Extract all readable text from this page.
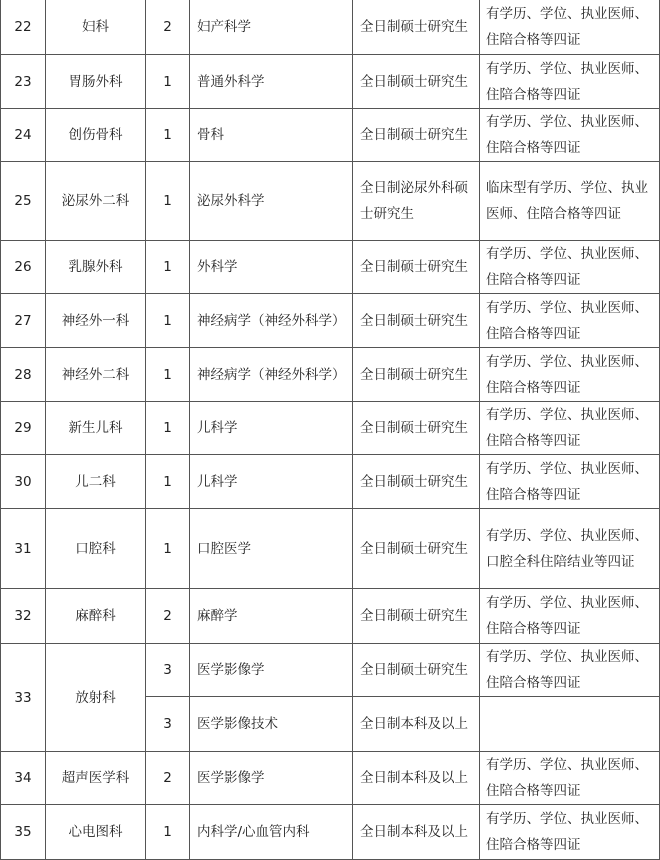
22	妇科	2	妇产科学	全日制硕士研究生	有学历、学位、执业医师、住陪合格等四证

23	胃肠外科	1	普通外科学	全日制硕士研究生	有学历、学位、执业医师、住陪合格等四证

24	创伤骨科	1	骨科	全日制硕士研究生	有学历、学位、执业医师、住陪合格等四证

25	泌尿外二科	1	泌尿外科学	全日制泌尿外科硕士研究生	临床型有学历、学位、执业医师、住陪合格等四证

26	乳腺外科	1	外科学	全日制硕士研究生	有学历、学位、执业医师、住陪合格等四证

27	神经外一科	1	神经病学（神经外科学）	全日制硕士研究生	有学历、学位、执业医师、住陪合格等四证

28	神经外二科	1	神经病学（神经外科学）	全日制硕士研究生	有学历、学位、执业医师、住陪合格等四证

29	新生儿科	1	儿科学	全日制硕士研究生	有学历、学位、执业医师、住陪合格等四证

30	儿二科	1	儿科学	全日制硕士研究生	有学历、学位、执业医师、住陪合格等四证

31	口腔科	1	口腔医学	全日制硕士研究生	有学历、学位、执业医师、口腔全科住陪结业等四证

32	麻醉科	2	麻醉学	全日制硕士研究生	有学历、学位、执业医师、住陪合格等四证

33	放射科	3	医学影像学	全日制硕士研究生	有学历、学位、执业医师、住陪合格等四证

		3	医学影像技术	全日制本科及以上	

34	超声医学科	2	医学影像学	全日制本科及以上	有学历、学位、执业医师、住陪合格等四证

35	心电图科	1	内科学/心血管内科	全日制本科及以上	有学历、学位、执业医师、住陪合格等四证
